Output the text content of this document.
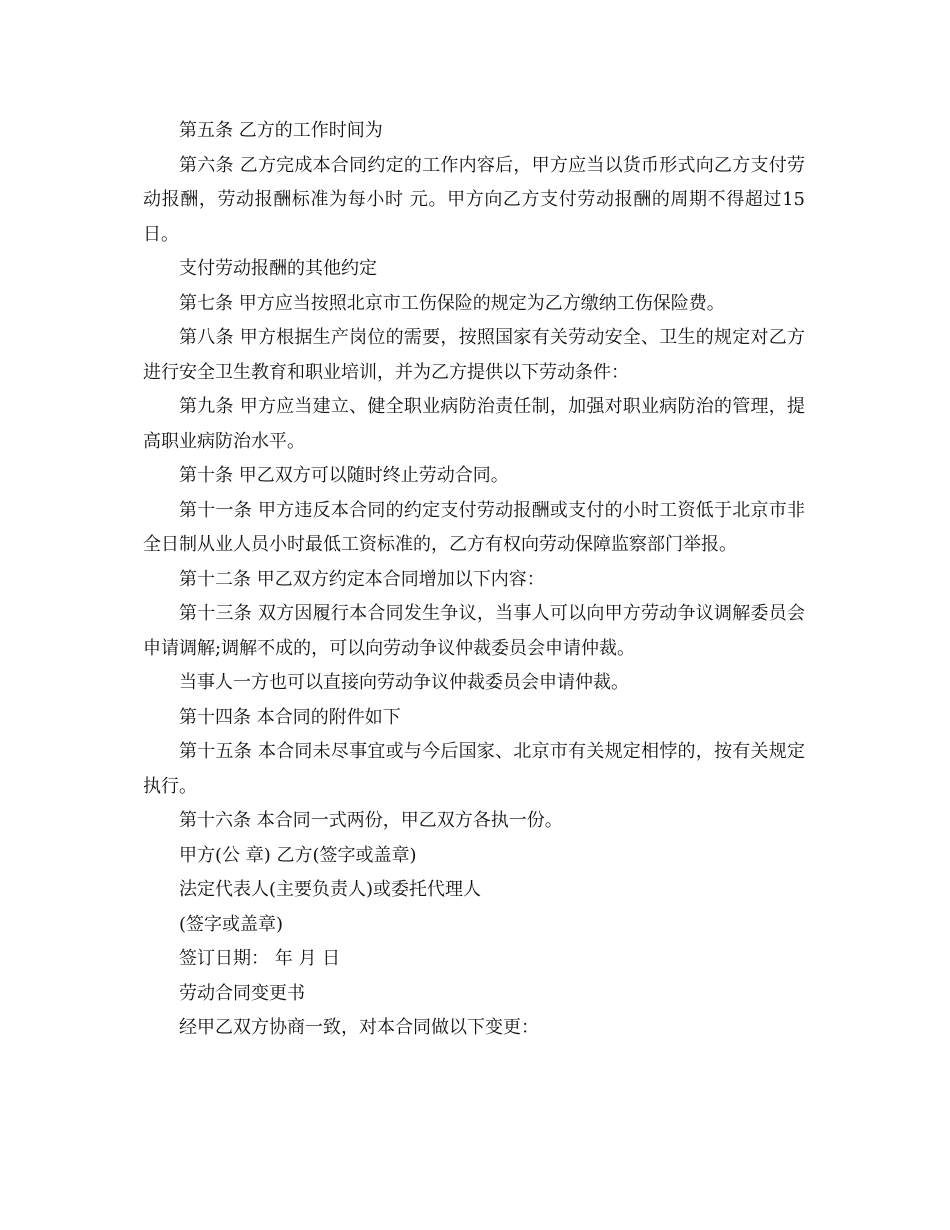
第五条 乙方的工作时间为

第六条 乙方完成本合同约定的工作内容后，甲方应当以货币形式向乙方支付劳动报酬，劳动报酬标准为每小时 元。甲方向乙方支付劳动报酬的周期不得超过15日。

支付劳动报酬的其他约定

第七条 甲方应当按照北京市工伤保险的规定为乙方缴纳工伤保险费。

第八条 甲方根据生产岗位的需要，按照国家有关劳动安全、卫生的规定对乙方进行安全卫生教育和职业培训，并为乙方提供以下劳动条件：

第九条 甲方应当建立、健全职业病防治责任制，加强对职业病防治的管理，提高职业病防治水平。

第十条 甲乙双方可以随时终止劳动合同。

第十一条 甲方违反本合同的约定支付劳动报酬或支付的小时工资低于北京市非全日制从业人员小时最低工资标准的，乙方有权向劳动保障监察部门举报。

第十二条 甲乙双方约定本合同增加以下内容：

第十三条 双方因履行本合同发生争议，当事人可以向甲方劳动争议调解委员会申请调解;调解不成的，可以向劳动争议仲裁委员会申请仲裁。

当事人一方也可以直接向劳动争议仲裁委员会申请仲裁。

第十四条 本合同的附件如下

第十五条 本合同未尽事宜或与今后国家、北京市有关规定相悖的，按有关规定执行。

第十六条 本合同一式两份，甲乙双方各执一份。

甲方(公 章) 乙方(签字或盖章)

法定代表人(主要负责人)或委托代理人

(签字或盖章)

签订日期： 年 月 日

劳动合同变更书

经甲乙双方协商一致，对本合同做以下变更：
